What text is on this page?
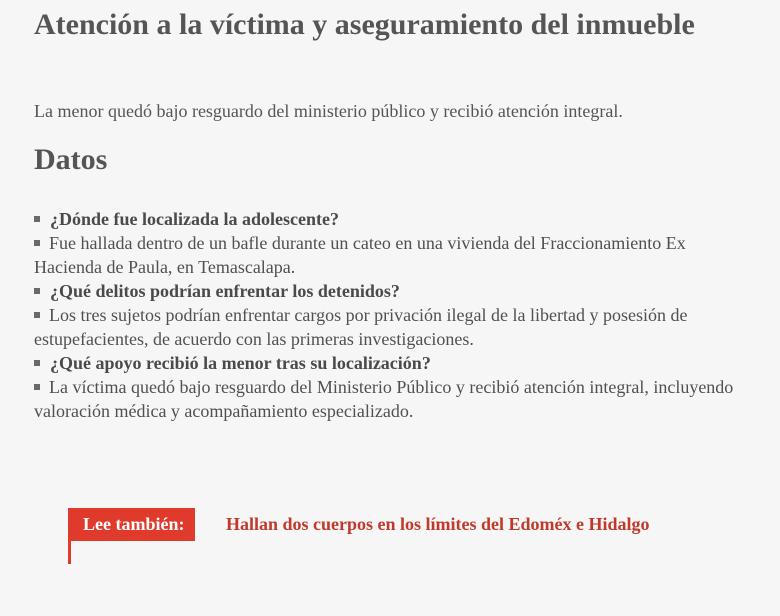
Atención a la víctima y aseguramiento del inmueble

La menor quedó bajo resguardo del ministerio público y recibió atención integral.

Datos
¿Dónde fue localizada la adolescente?
Fue hallada dentro de un bafle durante un cateo en una vivienda del Fraccionamiento Ex Hacienda de Paula, en Temascalapa.
¿Qué delitos podrían enfrentar los detenidos?
Los tres sujetos podrían enfrentar cargos por privación ilegal de la libertad y posesión de estupefacientes, de acuerdo con las primeras investigaciones.
¿Qué apoyo recibió la menor tras su localización?
La víctima quedó bajo resguardo del Ministerio Público y recibió atención integral, incluyendo valoración médica y acompañamiento especializado.
Hallan dos cuerpos en los límites del Edoméx e Hidalgo
Lee también:
